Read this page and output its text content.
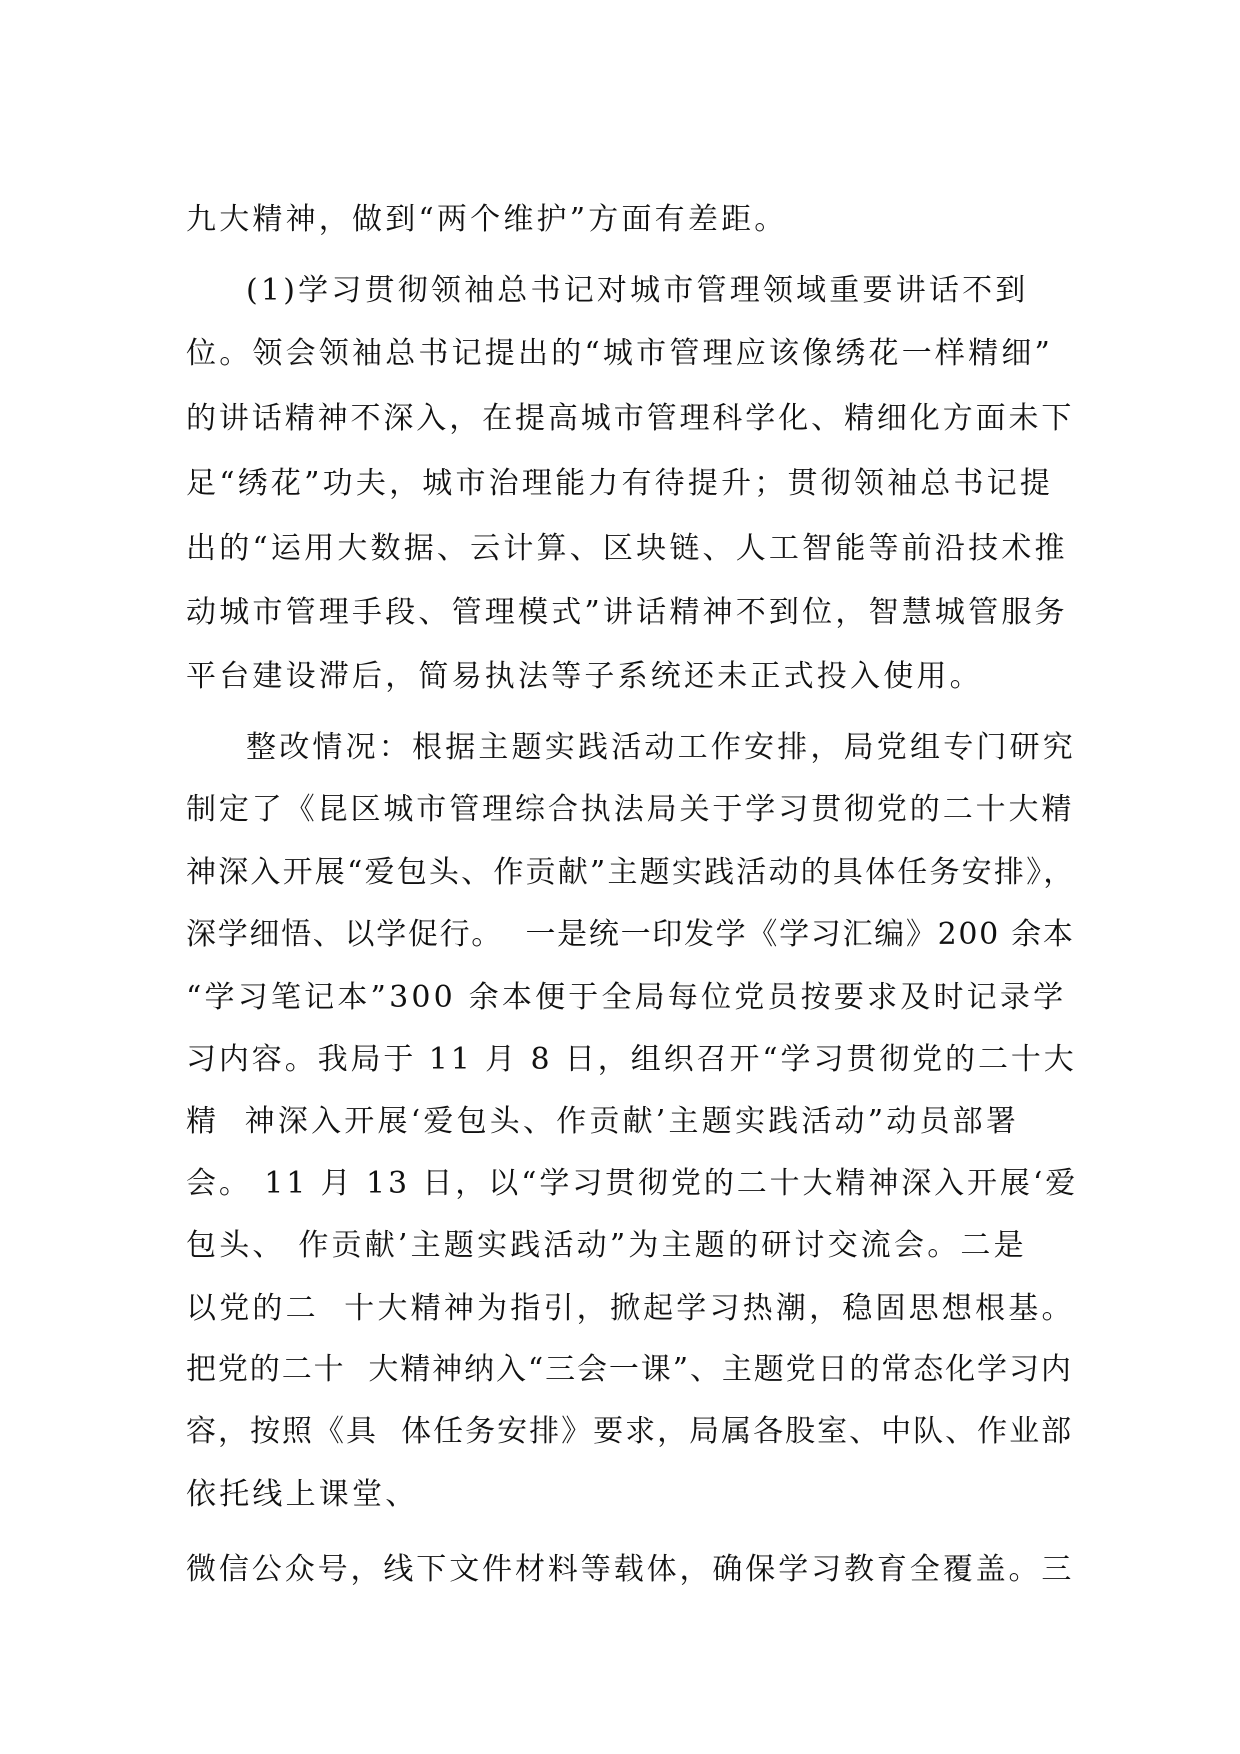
九大精神，做到“两个维护”方面有差距。
(1)学习贯彻领袖总书记对城市管理领域重要讲话不到
位。领会领袖总书记提出的“城市管理应该像绣花一样精细”
的讲话精神不深入，在提高城市管理科学化、精细化方面未下
足“绣花”功夫，城市治理能力有待提升；贯彻领袖总书记提
出的“运用大数据、云计算、区块链、人工智能等前沿技术推
动城市管理手段、管理模式”讲话精神不到位，智慧城管服务
平台建设滞后，简易执法等子系统还未正式投入使用。
整改情况：根据主题实践活动工作安排，局党组专门研究
制定了《昆区城市管理综合执法局关于学习贯彻党的二十大精
神深入开展“爱包头、作贡献”主题实践活动的具体任务安排》，
深学细悟、以学促行。  一是统一印发学《学习汇编》200 余本
“学习笔记本”300 余本便于全局每位党员按要求及时记录学
习内容。我局于 11 月 8 日，组织召开“学习贯彻党的二十大
精  神深入开展‘爱包头、作贡献’主题实践活动”动员部署
会。 11 月 13 日，以“学习贯彻党的二十大精神深入开展‘爱
包头、 作贡献’主题实践活动”为主题的研讨交流会。二是
以党的二  十大精神为指引，掀起学习热潮，稳固思想根基。
把党的二十  大精神纳入“三会一课”、主题党日的常态化学习内
容，按照《具  体任务安排》要求，局属各股室、中队、作业部
依托线上课堂、
微信公众号，线下文件材料等载体，确保学习教育全覆盖。三
